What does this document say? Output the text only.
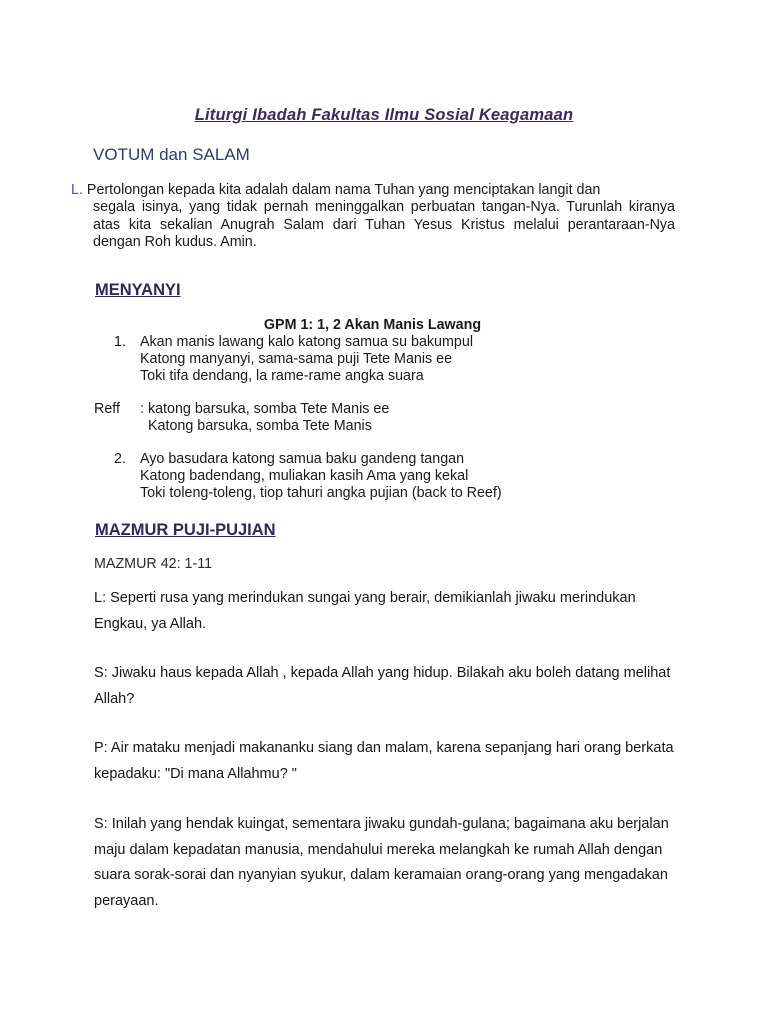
Liturgi Ibadah Fakultas Ilmu Sosial Keagamaan
VOTUM dan SALAM
L. Pertolongan kepada kita adalah dalam nama Tuhan yang menciptakan langit dan
segala isinya, yang tidak pernah meninggalkan perbuatan tangan-Nya. Turunlah kiranya atas kita sekalian Anugrah Salam dari Tuhan Yesus Kristus melalui perantaraan-Nya dengan Roh kudus. Amin.
MENYANYI
GPM 1: 1, 2 Akan Manis Lawang
1. Akan manis lawang kalo katong samua su bakumpul
Katong manyanyi, sama-sama puji Tete Manis ee
Toki tifa dendang, la rame-rame angka suara
Reff : katong barsuka, somba Tete Manis ee
Katong barsuka, somba Tete Manis
2. Ayo basudara katong samua baku gandeng tangan
Katong badendang, muliakan kasih Ama yang kekal
Toki toleng-toleng, tiop tahuri angka pujian (back to Reef)
MAZMUR PUJI-PUJIAN
MAZMUR 42: 1-11
L: Seperti rusa yang merindukan sungai yang berair, demikianlah jiwaku merindukan Engkau, ya Allah.
S: Jiwaku haus kepada Allah , kepada Allah yang hidup. Bilakah aku boleh datang melihat Allah?
P: Air mataku menjadi makananku siang dan malam, karena sepanjang hari orang berkata kepadaku: "Di mana Allahmu? "
S: Inilah yang hendak kuingat, sementara jiwaku gundah-gulana; bagaimana aku berjalan maju dalam kepadatan manusia, mendahului mereka melangkah ke rumah Allah dengan suara sorak-sorai dan nyanyian syukur, dalam keramaian orang-orang yang mengadakan perayaan.
